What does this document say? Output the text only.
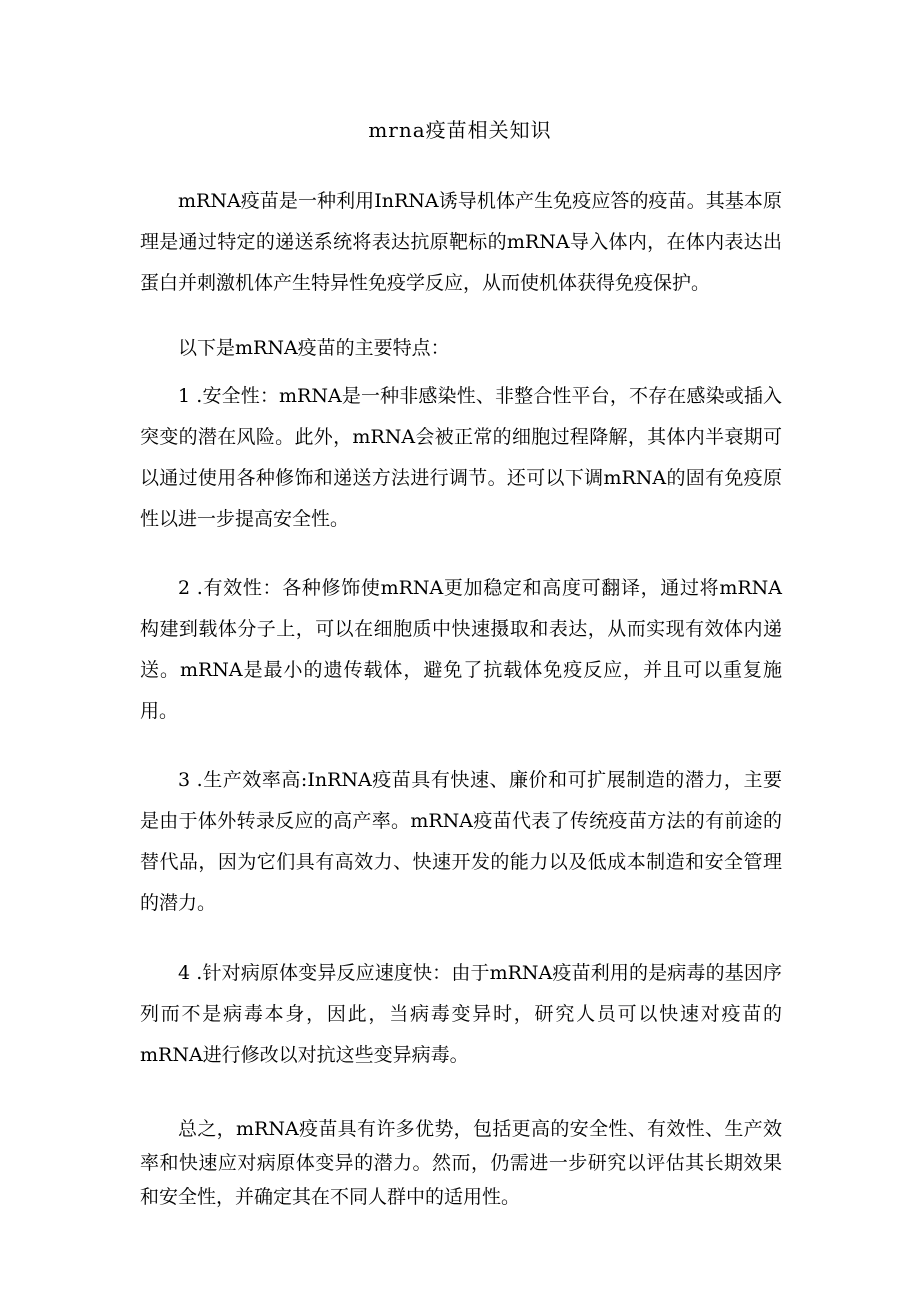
mrna疫苗相关知识

mRNA疫苗是一种利用InRNA诱导机体产生免疫应答的疫苗。其基本原理是通过特定的递送系统将表达抗原靶标的mRNA导入体内，在体内表达出蛋白并刺激机体产生特异性免疫学反应，从而使机体获得免疫保护。

以下是mRNA疫苗的主要特点：

1 .安全性：mRNA是一种非感染性、非整合性平台，不存在感染或插入突变的潜在风险。此外，mRNA会被正常的细胞过程降解，其体内半衰期可以通过使用各种修饰和递送方法进行调节。还可以下调mRNA的固有免疫原性以进一步提高安全性。

2 .有效性：各种修饰使mRNA更加稳定和高度可翻译，通过将mRNA构建到载体分子上，可以在细胞质中快速摄取和表达，从而实现有效体内递送。mRNA是最小的遗传载体，避免了抗载体免疫反应，并且可以重复施用。

3 .生产效率高:InRNA疫苗具有快速、廉价和可扩展制造的潜力，主要是由于体外转录反应的高产率。mRNA疫苗代表了传统疫苗方法的有前途的替代品，因为它们具有高效力、快速开发的能力以及低成本制造和安全管理的潜力。

4 .针对病原体变异反应速度快：由于mRNA疫苗利用的是病毒的基因序列而不是病毒本身，因此，当病毒变异时，研究人员可以快速对疫苗的mRNA进行修改以对抗这些变异病毒。

总之，mRNA疫苗具有许多优势，包括更高的安全性、有效性、生产效率和快速应对病原体变异的潜力。然而，仍需进一步研究以评估其长期效果和安全性，并确定其在不同人群中的适用性。
